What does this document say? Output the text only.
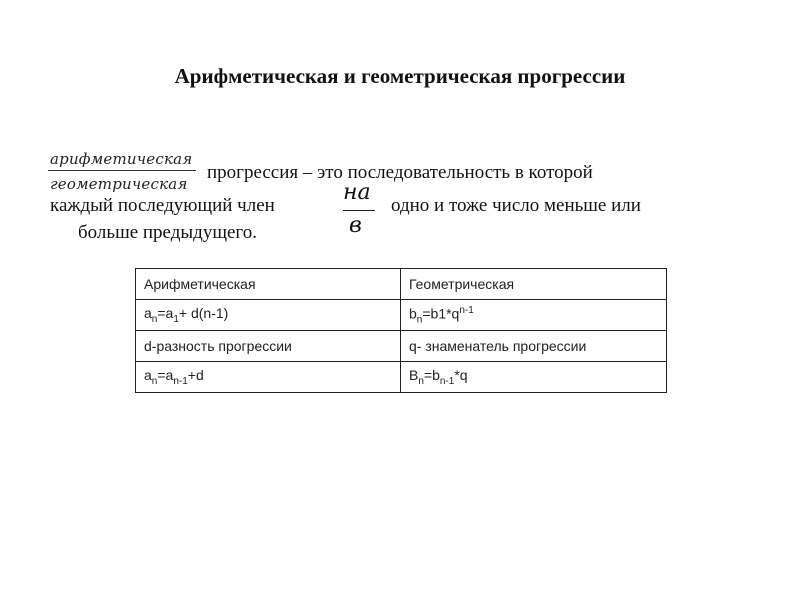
Арифметическая и геометрическая прогрессии
арифметическая
геометрическая
прогрессия – это последовательность в которой
каждый последующий член
на
в
одно и тоже число меньше или
больше предыдущего.
Арифметическая	Геометрическая
$a_n=a_1+ d(n-1)$	$b_n=b1*q^{n-1}$
d-разность прогрессии	q- знаменатель прогрессии
$a_n=a_{n-1}+d$	$B_n=b_{n-1}*q$
